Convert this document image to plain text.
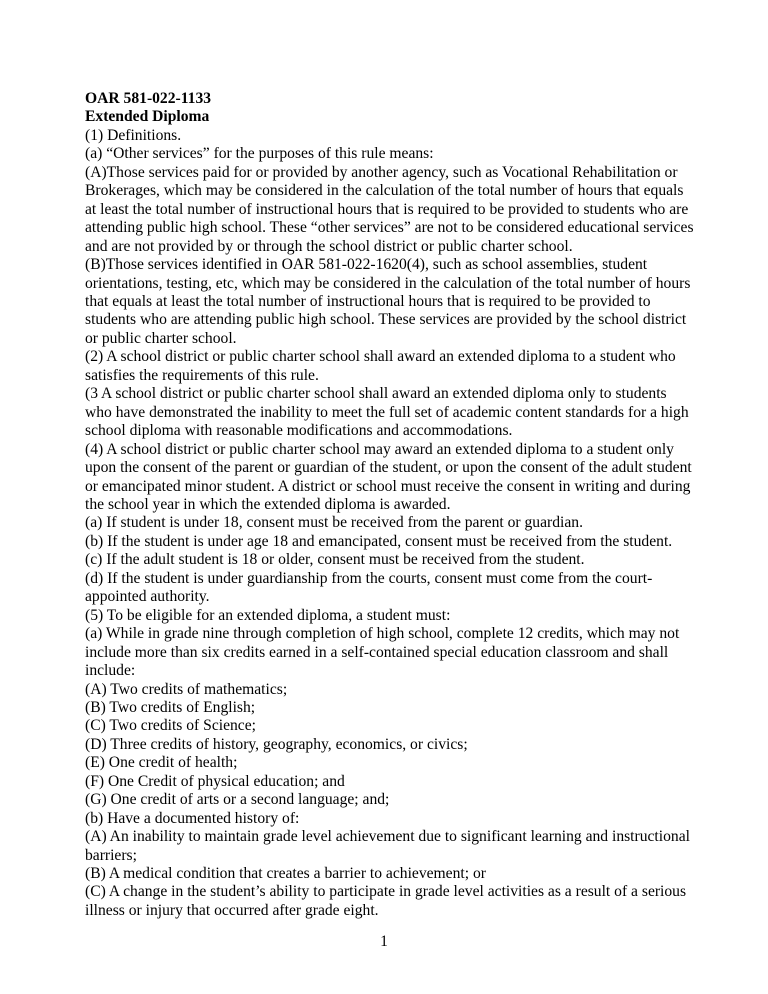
OAR 581-022-1133

Extended Diploma

(1) Definitions.

(a) “Other services” for the purposes of this rule means:

(A)Those services paid for or provided by another agency, such as Vocational Rehabilitation or Brokerages, which may be considered in the calculation of the total number of hours that equals at least the total number of instructional hours that is required to be provided to students who are attending public high school. These “other services” are not to be considered educational services and are not provided by or through the school district or public charter school.

(B)Those services identified in OAR 581-022-1620(4), such as school assemblies, student orientations, testing, etc, which may be considered in the calculation of the total number of hours that equals at least the total number of instructional hours that is required to be provided to students who are attending public high school. These services are provided by the school district or public charter school.

(2) A school district or public charter school shall award an extended diploma to a student who satisfies the requirements of this rule.

(3 A school district or public charter school shall award an extended diploma only to students who have demonstrated the inability to meet the full set of academic content standards for a high school diploma with reasonable modifications and accommodations.

(4) A school district or public charter school may award an extended diploma to a student only upon the consent of the parent or guardian of the student, or upon the consent of the adult student or emancipated minor student. A district or school must receive the consent in writing and during the school year in which the extended diploma is awarded.

(a) If student is under 18, consent must be received from the parent or guardian.

(b) If the student is under age 18 and emancipated, consent must be received from the student.

(c) If the adult student is 18 or older, consent must be received from the student.

(d) If the student is under guardianship from the courts, consent must come from the court-appointed authority.

(5) To be eligible for an extended diploma, a student must:

(a) While in grade nine through completion of high school, complete 12 credits, which may not include more than six credits earned in a self-contained special education classroom and shall include:

(A) Two credits of mathematics;

(B) Two credits of English;

(C) Two credits of Science;

(D) Three credits of history, geography, economics, or civics;

(E) One credit of health;

(F) One Credit of physical education; and

(G) One credit of arts or a second language; and;

(b) Have a documented history of:

(A) An inability to maintain grade level achievement due to significant learning and instructional barriers;

(B) A medical condition that creates a barrier to achievement; or

(C) A change in the student’s ability to participate in grade level activities as a result of a serious illness or injury that occurred after grade eight.

1
